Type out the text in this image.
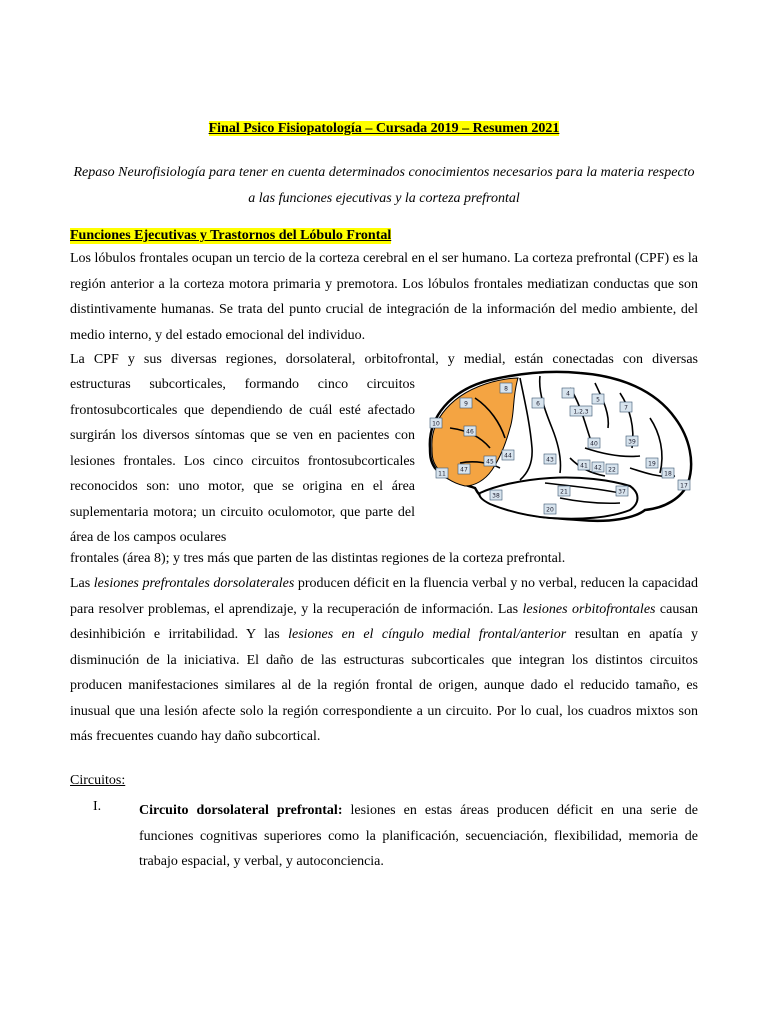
Final Psico Fisiopatología – Cursada 2019 – Resumen 2021
Repaso Neurofisiología para tener en cuenta determinados conocimientos necesarios para la materia respecto a las funciones ejecutivas y la corteza prefrontal
Funciones Ejecutivas y Trastornos del Lóbulo Frontal
Los lóbulos frontales ocupan un tercio de la corteza cerebral en el ser humano. La corteza prefrontal (CPF) es la región anterior a la corteza motora primaria y premotora. Los lóbulos frontales mediatizan conductas que son distintivamente humanas. Se trata del punto crucial de integración de la información del medio ambiente, del medio interno, y del estado emocional del individuo.
La CPF y sus diversas regiones, dorsolateral, orbitofrontal, y medial, están conectadas con diversas
estructuras subcorticales, formando cinco circuitos frontosubcorticales que dependiendo de cuál esté afectado surgirán los diversos síntomas que se ven en pacientes con lesiones frontales. Los cinco circuitos frontosubcorticales reconocidos son: uno motor, que se origina en el área suplementaria motora; un circuito oculomotor, que parte del área de los campos oculares
8
4
9	6
5
1,2,3
7
46
40	39
10
44
45	43
41 42 22
19
47
11	18
17
37
38
21
20
frontales (área 8); y tres más que parten de las distintas regiones de la corteza prefrontal.
Las lesiones prefrontales dorsolaterales producen déficit en la fluencia verbal y no verbal, reducen la capacidad para resolver problemas, el aprendizaje, y la recuperación de información. Las lesiones orbitofrontales causan desinhibición e irritabilidad. Y las lesiones en el cíngulo medial frontal/anterior resultan en apatía y disminución de la iniciativa. El daño de las estructuras subcorticales que integran los distintos circuitos producen manifestaciones similares al de la región frontal de origen, aunque dado el reducido tamaño, es inusual que una lesión afecte solo la región correspondiente a un circuito. Por lo cual, los cuadros mixtos son más frecuentes cuando hay daño subcortical.
Circuitos:
I.	Circuito dorsolateral prefrontal: lesiones en estas áreas producen déficit en una serie de funciones cognitivas superiores como la planificación, secuenciación, flexibilidad, memoria de trabajo espacial, y verbal, y autoconciencia.
